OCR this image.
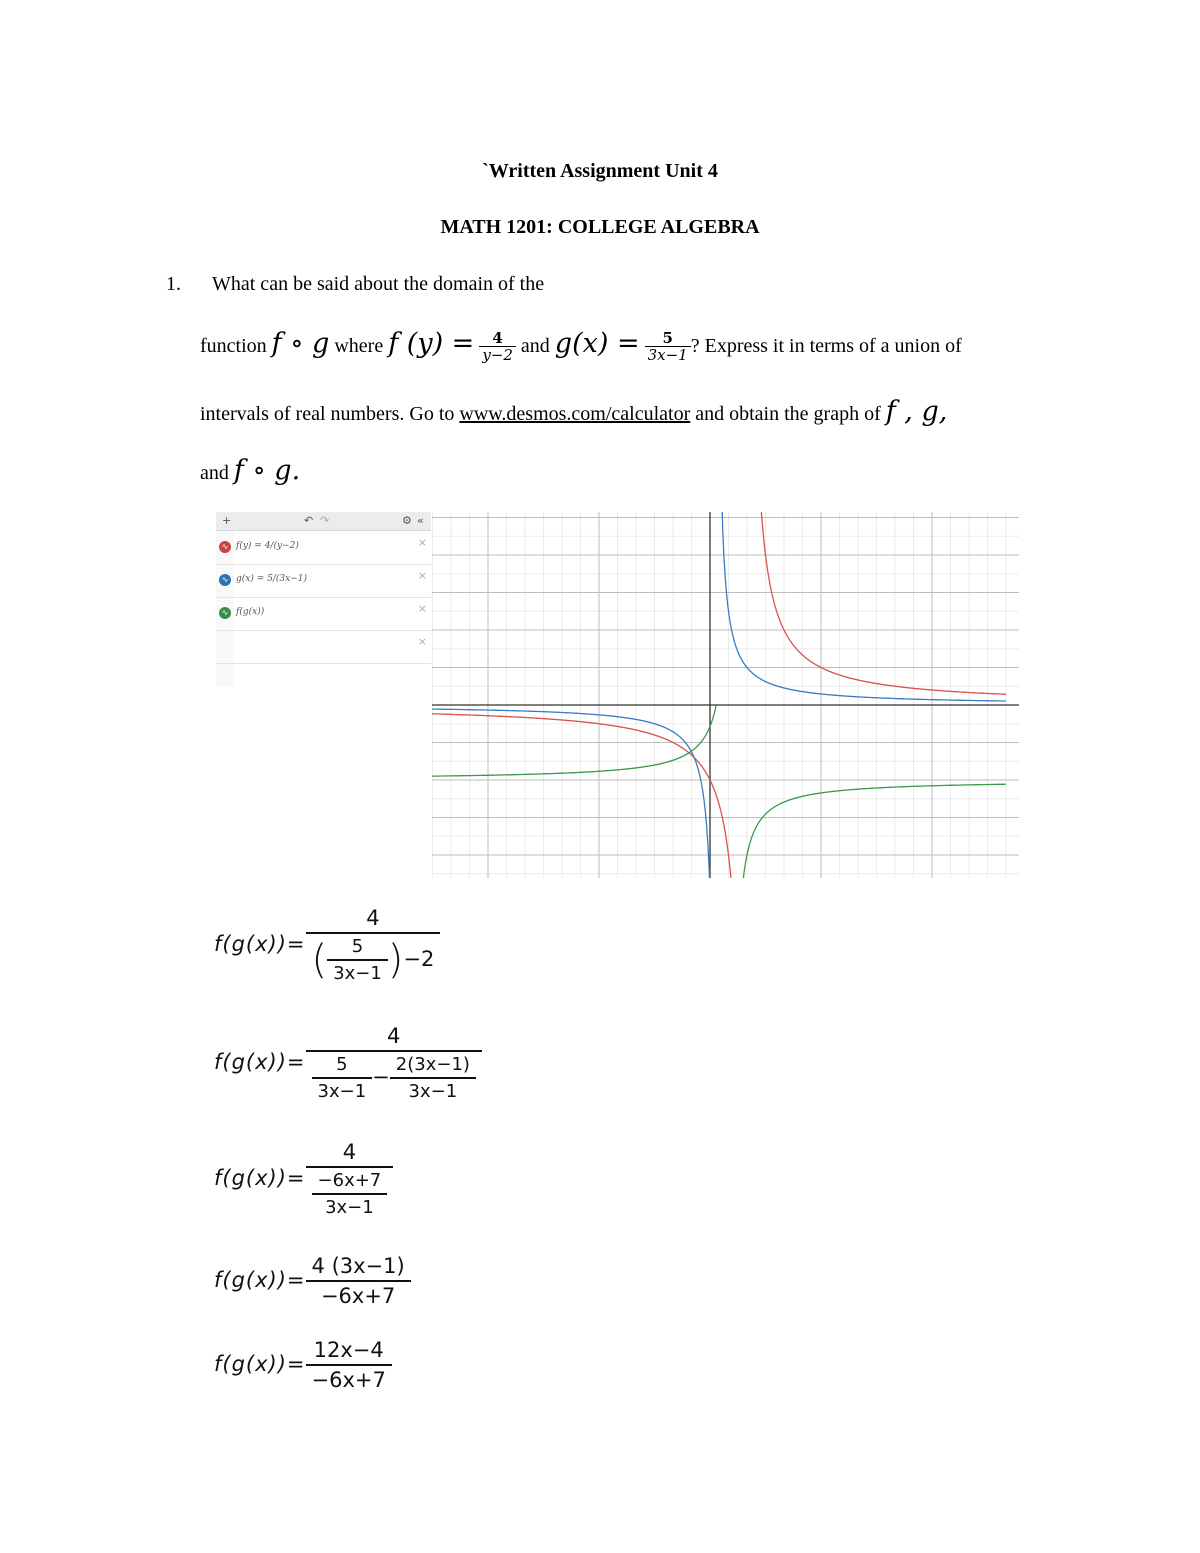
`Written Assignment Unit 4
MATH 1201: COLLEGE ALGEBRA
1. What can be said about the domain of the
function f ∘ g where f $(y) = \frac{4}{y-2}$ and $g(x) = \frac{5}{3x-1}$ ? Express it in terms of a union of
intervals of real numbers. Go to www.desmos.com/calculator and obtain the graph of f , g,
and f ∘ g.
+	↶ ↷	⚙ «
∿ f(y) = 4/(y−2)	×
∿ g(x) = 5/(3x−1)	×
∿ f(g(x))	×
×
$f(g(x))= \frac{4}{( \frac{5}{3x-1} )-2}$
$f(g(x))= \frac{4}{\frac{5}{3x-1} - \frac{2(3x-1)}{3x-1}}$
$f(g(x))= \frac{4}{\frac{-6x+7}{3x-1}}$
$f(g(x))= \frac{4 (3x-1)}{-6x+7}$
$f(g(x))= \frac{12x-4}{-6x+7}$
